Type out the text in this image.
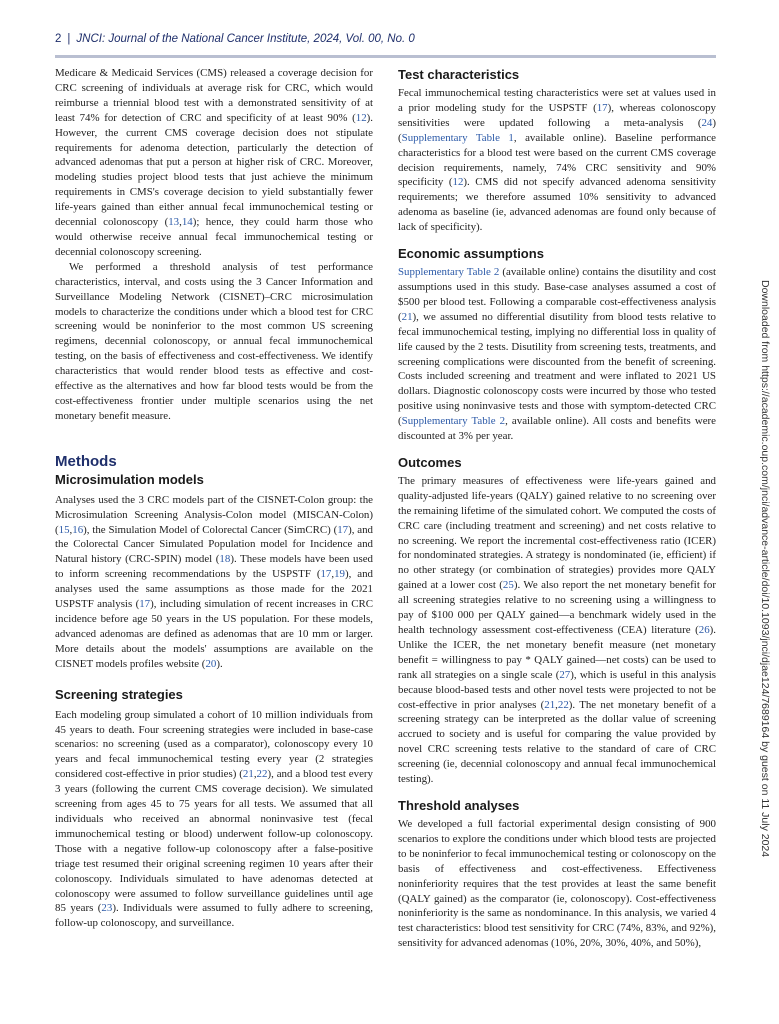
2 | JNCI: Journal of the National Cancer Institute, 2024, Vol. 00, No. 0

Medicare & Medicaid Services (CMS) released a coverage decision for CRC screening of individuals at average risk for CRC, which would reimburse a triennial blood test with a demonstrated sensitivity of at least 74% for detection of CRC and specificity of at least 90% (12). However, the current CMS coverage decision does not stipulate requirements for adenoma detection, particularly the detection of advanced adenomas that put a person at higher risk of CRC. Moreover, modeling studies project blood tests that just achieve the minimum requirements in CMS's coverage decision to yield substantially fewer life-years gained than either annual fecal immunochemical testing or decennial colonoscopy (13,14); hence, they could harm those who would otherwise receive annual fecal immunochemical testing or decennial colonoscopy screening.

We performed a threshold analysis of test performance characteristics, interval, and costs using the 3 Cancer Information and Surveillance Modeling Network (CISNET)–CRC microsimulation models to characterize the conditions under which a blood test for CRC screening would be noninferior to the most common US screening regimens, decennial colonoscopy, or annual fecal immunochemical testing, on the basis of effectiveness and cost-effectiveness. We identify characteristics that would render blood tests as effective and cost-effective as the alternatives and how far blood tests would be from the cost-effectiveness frontier under multiple scenarios using the net monetary benefit measure.

Methods
Microsimulation models

Analyses used the 3 CRC models part of the CISNET-Colon group: the Microsimulation Screening Analysis-Colon model (MISCAN-Colon) (15,16), the Simulation Model of Colorectal Cancer (SimCRC) (17), and the Colorectal Cancer Simulated Population model for Incidence and Natural history (CRC-SPIN) model (18). These models have been used to inform screening recommendations by the USPSTF (17,19), and analyses used the same assumptions as those made for the 2021 USPSTF analysis (17), including simulation of recent increases in CRC incidence before age 50 years in the US population. For these models, advanced adenomas are defined as adenomas that are 10 mm or larger. More details about the models' assumptions are available on the CISNET models profiles website (20).

Screening strategies

Each modeling group simulated a cohort of 10 million individuals from 45 years to death. Four screening strategies were included in base-case scenarios: no screening (used as a comparator), colonoscopy every 10 years and fecal immunochemical testing every year (2 strategies considered cost-effective in prior studies) (21,22), and a blood test every 3 years (following the current CMS coverage decision). We simulated screening from ages 45 to 75 years for all tests. We assumed that all individuals who received an abnormal noninvasive test (fecal immunochemical testing or blood) underwent follow-up colonoscopy. Those with a negative follow-up colonoscopy after a false-positive triage test resumed their original screening regimen 10 years after their colonoscopy. Individuals simulated to have adenomas detected at colonoscopy were assumed to follow surveillance guidelines until age 85 years (23). Individuals were assumed to fully adhere to screening, follow-up colonoscopy, and surveillance.

Test characteristics

Fecal immunochemical testing characteristics were set at values used in a prior modeling study for the USPSTF (17), whereas colonoscopy sensitivities were updated following a meta-analysis (24) (Supplementary Table 1, available online). Baseline performance characteristics for a blood test were based on the current CMS coverage decision requirements, namely, 74% CRC sensitivity and 90% specificity (12). CMS did not specify advanced adenoma sensitivity requirements; we therefore assumed 10% sensitivity to advanced adenoma as baseline (ie, advanced adenomas are found only because of lack of specificity).

Economic assumptions

Supplementary Table 2 (available online) contains the disutility and cost assumptions used in this study. Base-case analyses assumed a cost of $500 per blood test. Following a comparable cost-effectiveness analysis (21), we assumed no differential disutility from blood tests relative to fecal immunochemical testing, implying no differential loss in quality of life caused by the 2 tests. Disutility from screening tests, treatments, and screening complications were discounted from the benefit of screening. Costs included screening and treatment and were inflated to 2021 US dollars. Diagnostic colonoscopy costs were incurred by those who tested positive using noninvasive tests and those with symptom-detected CRC (Supplementary Table 2, available online). All costs and benefits were discounted at 3% per year.

Outcomes

The primary measures of effectiveness were life-years gained and quality-adjusted life-years (QALY) gained relative to no screening over the remaining lifetime of the simulated cohort. We computed the costs of CRC care (including treatment and screening) and net costs relative to no screening. We report the incremental cost-effectiveness ratio (ICER) for nondominated strategies. A strategy is nondominated (ie, efficient) if no other strategy (or combination of strategies) provides more QALY gained at a lower cost (25). We also report the net monetary benefit for all screening strategies relative to no screening using a willingness to pay of $100 000 per QALY gained—a benchmark widely used in the health technology assessment cost-effectiveness (CEA) literature (26). Unlike the ICER, the net monetary benefit measure (net monetary benefit = willingness to pay * QALY gained—net costs) can be used to rank all strategies on a single scale (27), which is useful in this analysis because blood-based tests and other novel tests were projected to not be cost-effective in prior analyses (21,22). The net monetary benefit of a screening strategy can be interpreted as the dollar value of screening accrued to society and is useful for comparing the value provided by novel CRC screening tests relative to the standard of care of CRC screening (ie, decennial colonoscopy and annual fecal immunochemical testing).

Threshold analyses

We developed a full factorial experimental design consisting of 900 scenarios to explore the conditions under which blood tests are projected to be noninferior to fecal immunochemical testing or colonoscopy on the basis of effectiveness and cost-effectiveness. Effectiveness noninferiority requires that the test provides at least the same benefit (QALY gained) as the comparator (ie, colonoscopy). Cost-effectiveness noninferiority is the same as nondominance. In this analysis, we varied 4 test characteristics: blood test sensitivity for CRC (74%, 83%, and 92%), sensitivity for advanced adenomas (10%, 20%, 30%, 40%, and 50%),

Downloaded from https://academic.oup.com/jnci/advance-article/doi/10.1093/jnci/djae124/7689164 by guest on 11 July 2024
